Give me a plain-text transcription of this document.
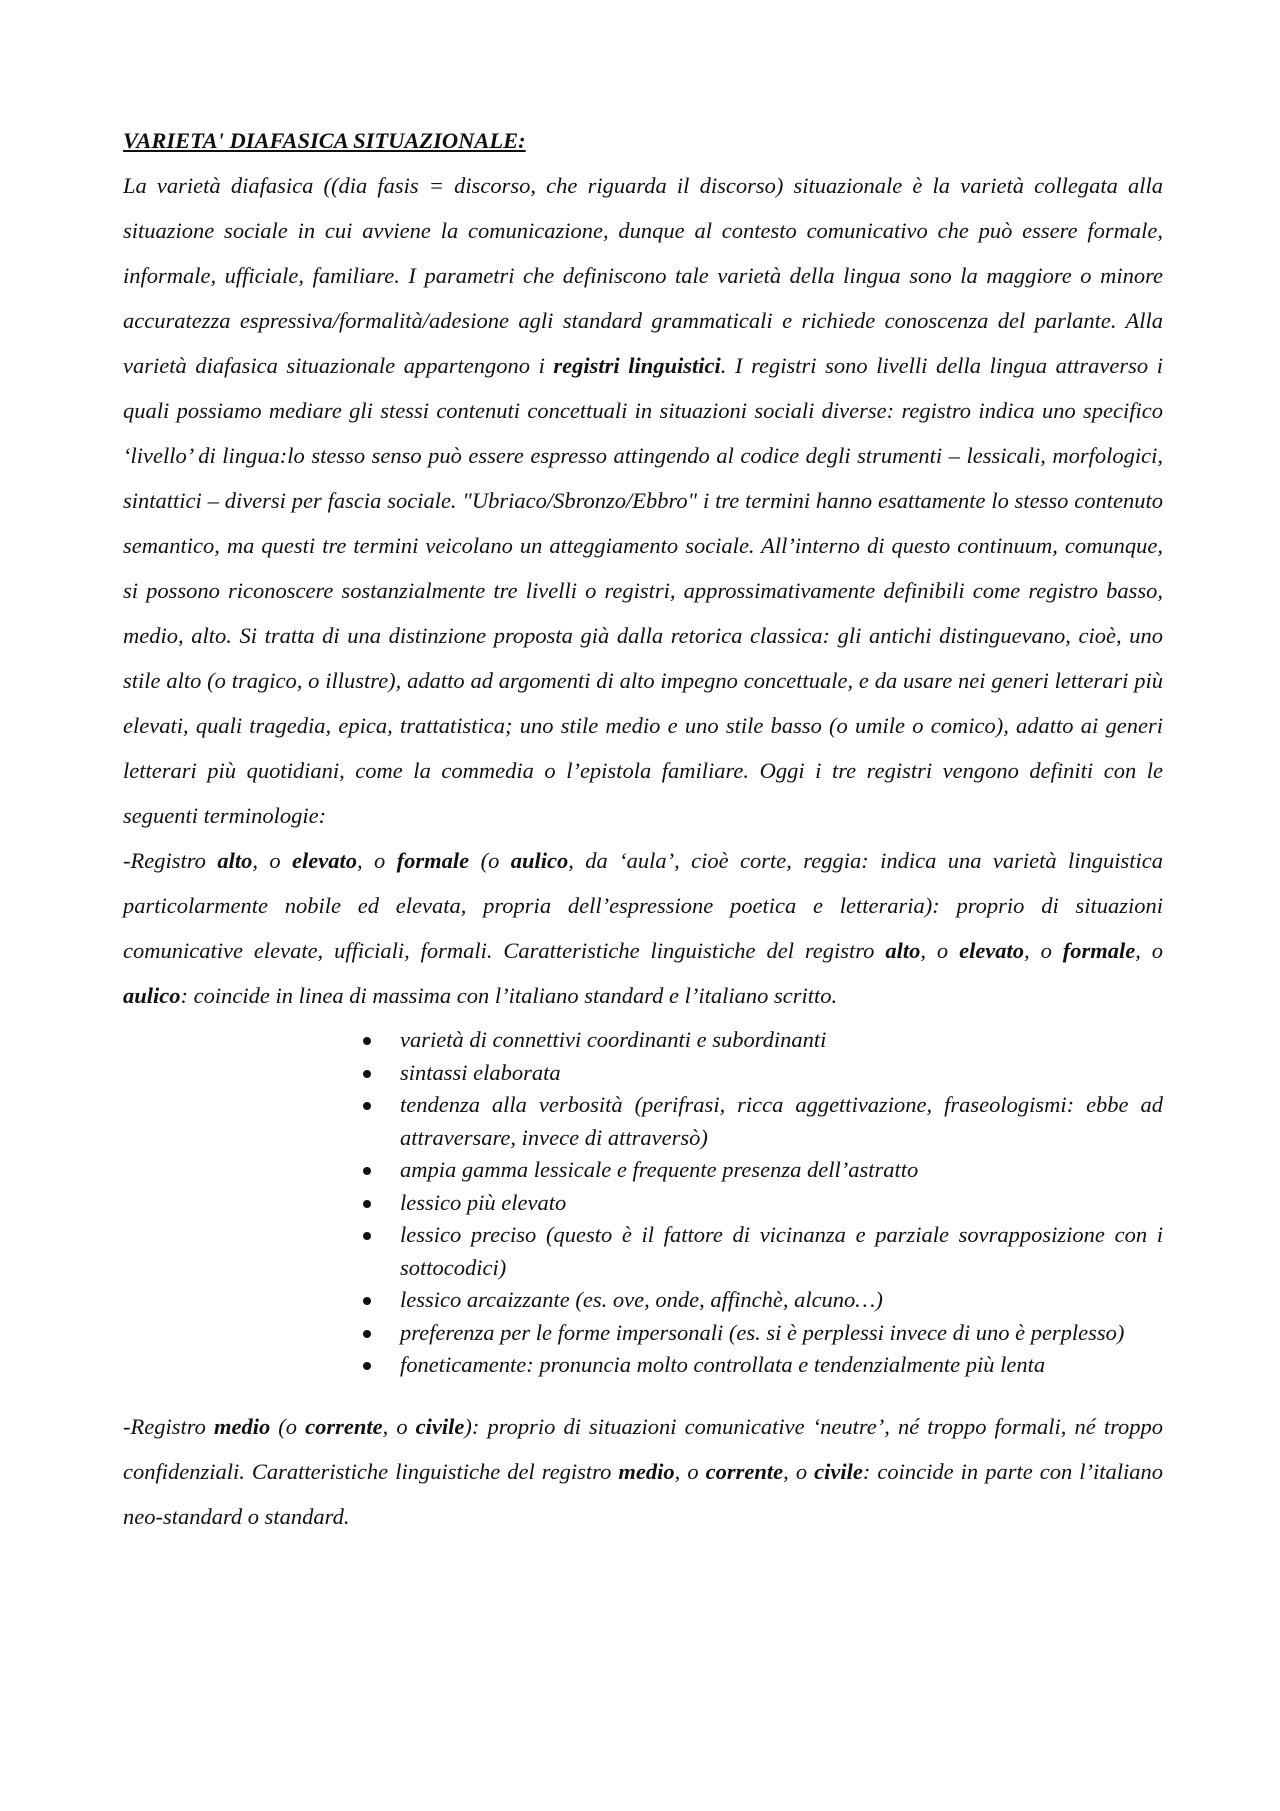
VARIETA' DIAFASICA SITUAZIONALE:

La varietà diafasica ((dia fasis = discorso, che riguarda il discorso) situazionale è la varietà collegata alla situazione sociale in cui avviene la comunicazione, dunque al contesto comunicativo che può essere formale, informale, ufficiale, familiare. I parametri che definiscono tale varietà della lingua sono la maggiore o minore accuratezza espressiva/formalità/adesione agli standard grammaticali e richiede conoscenza del parlante. Alla varietà diafasica situazionale appartengono i registri linguistici. I registri sono livelli della lingua attraverso i quali possiamo mediare gli stessi contenuti concettuali in situazioni sociali diverse: registro indica uno specifico ‘livello’ di lingua:lo stesso senso può essere espresso attingendo al codice degli strumenti – lessicali, morfologici, sintattici – diversi per fascia sociale. "Ubriaco/Sbronzo/Ebbro" i tre termini hanno esattamente lo stesso contenuto semantico, ma questi tre termini veicolano un atteggiamento sociale. All’interno di questo continuum, comunque, si possono riconoscere sostanzialmente tre livelli o registri, approssimativamente definibili come registro basso, medio, alto. Si tratta di una distinzione proposta già dalla retorica classica: gli antichi distinguevano, cioè, uno stile alto (o tragico, o illustre), adatto ad argomenti di alto impegno concettuale, e da usare nei generi letterari più elevati, quali tragedia, epica, trattatistica; uno stile medio e uno stile basso (o umile o comico), adatto ai generi letterari più quotidiani, come la commedia o l’epistola familiare. Oggi i tre registri vengono definiti con le seguenti terminologie:

-Registro alto, o elevato, o formale (o aulico, da ‘aula’, cioè corte, reggia: indica una varietà linguistica particolarmente nobile ed elevata, propria dell’espressione poetica e letteraria): proprio di situazioni comunicative elevate, ufficiali, formali. Caratteristiche linguistiche del registro alto, o elevato, o formale, o aulico: coincide in linea di massima con l’italiano standard e l’italiano scritto.

varietà di connettivi coordinanti e subordinanti
sintassi elaborata
tendenza alla verbosità (perifrasi, ricca aggettivazione, fraseologismi: ebbe ad attraversare, invece di attraversò)
ampia gamma lessicale e frequente presenza dell’astratto
lessico più elevato
lessico preciso (questo è il fattore di vicinanza e parziale sovrapposizione con i sottocodici)
lessico arcaizzante (es. ove, onde, affinchè, alcuno…)
preferenza per le forme impersonali (es. si è perplessi invece di uno è perplesso)
foneticamente: pronuncia molto controllata e tendenzialmente più lenta

-Registro medio (o corrente, o civile): proprio di situazioni comunicative ‘neutre’, né troppo formali, né troppo confidenziali. Caratteristiche linguistiche del registro medio, o corrente, o civile: coincide in parte con l’italiano neo-standard o standard.
